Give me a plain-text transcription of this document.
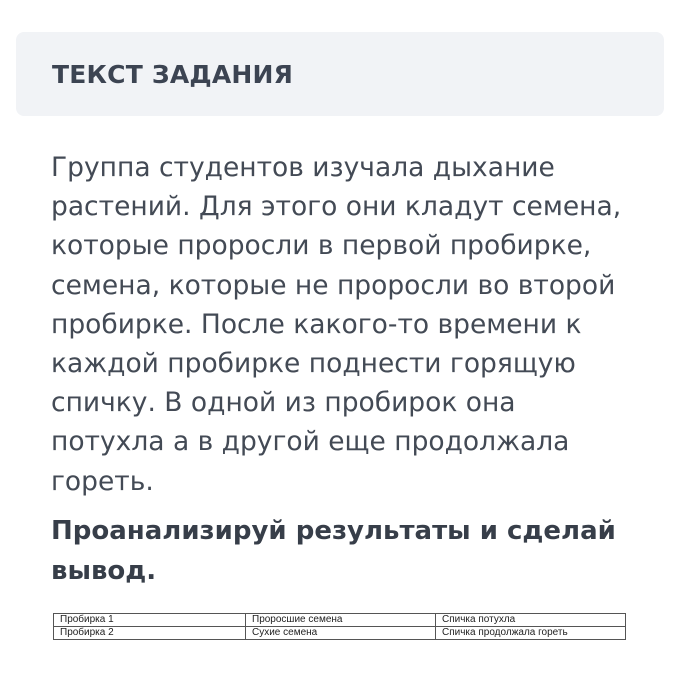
ТЕКСТ ЗАДАНИЯ
Группа студентов изучала дыхание
растений. Для этого они кладут семена,
которые проросли в первой пробирке,
семена, которые не проросли во второй
пробирке. После какого-то времени к
каждой пробирке поднести горящую
спичку. В одной из пробирок она
потухла а в другой еще продолжала
гореть.
Проанализируй результаты и сделай
вывод.
Пробирка 1	Проросшие семена	Спичка потухла
Пробирка 2	Сухие семена	Спичка продолжала гореть
